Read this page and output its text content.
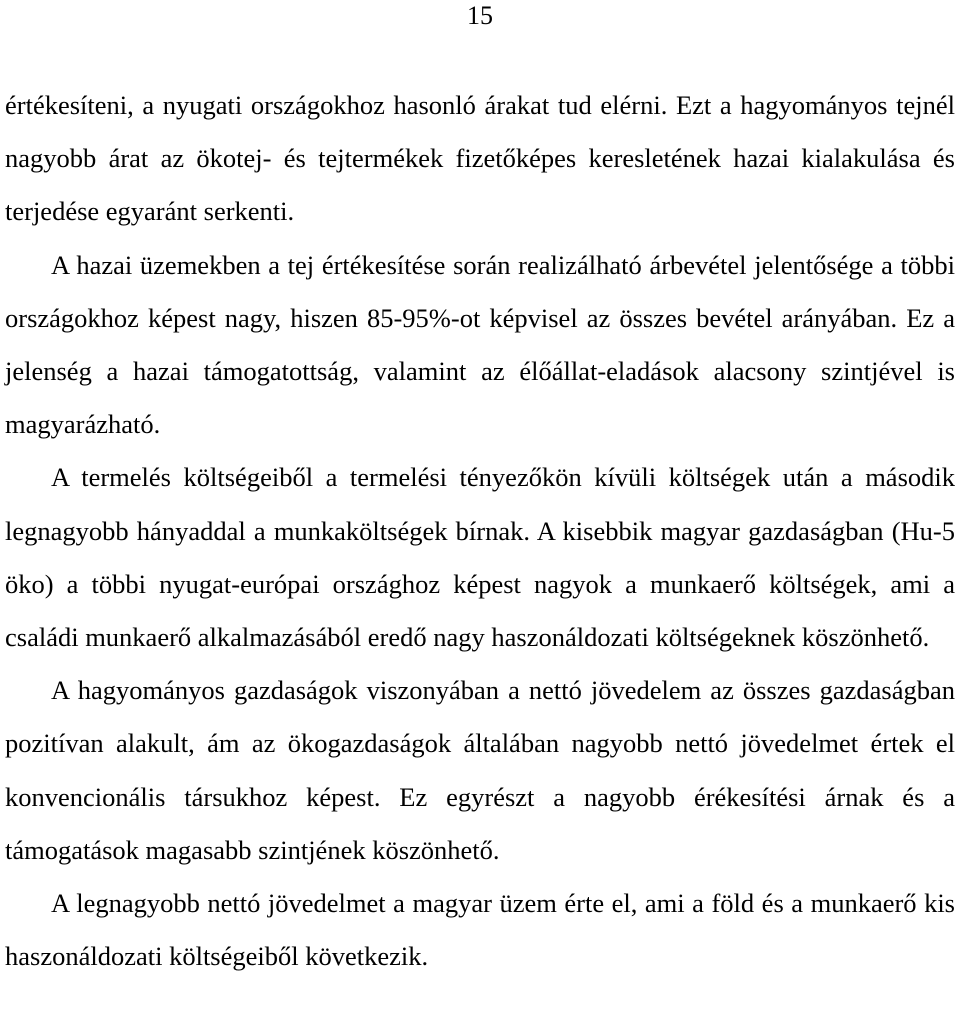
15

értékesíteni, a nyugati országokhoz hasonló árakat tud elérni. Ezt a hagyományos tejnél nagyobb árat az ökotej- és tejtermékek fizetőképes keresletének hazai kialakulása és terjedése egyaránt serkenti.

A hazai üzemekben a tej értékesítése során realizálható árbevétel jelentősége a többi országokhoz képest nagy, hiszen 85-95%-ot képvisel az összes bevétel arányában. Ez a jelenség a hazai támogatottság, valamint az élőállat-eladások alacsony szintjével is magyarázható.

A termelés költségeiből a termelési tényezőkön kívüli költségek után a második legnagyobb hányaddal a munkaköltségek bírnak. A kisebbik magyar gazdaságban (Hu-5 öko) a többi nyugat-európai országhoz képest nagyok a munkaerő költségek, ami a családi munkaerő alkalmazásából eredő nagy haszonáldozati költségeknek köszönhető.

A hagyományos gazdaságok viszonyában a nettó jövedelem az összes gazdaságban pozitívan alakult, ám az ökogazdaságok általában nagyobb nettó jövedelmet értek el konvencionális társukhoz képest. Ez egyrészt a nagyobb érékesítési árnak és a támogatások magasabb szintjének köszönhető.

A legnagyobb nettó jövedelmet a magyar üzem érte el, ami a föld és a munkaerő kis haszonáldozati költségeiből következik.
